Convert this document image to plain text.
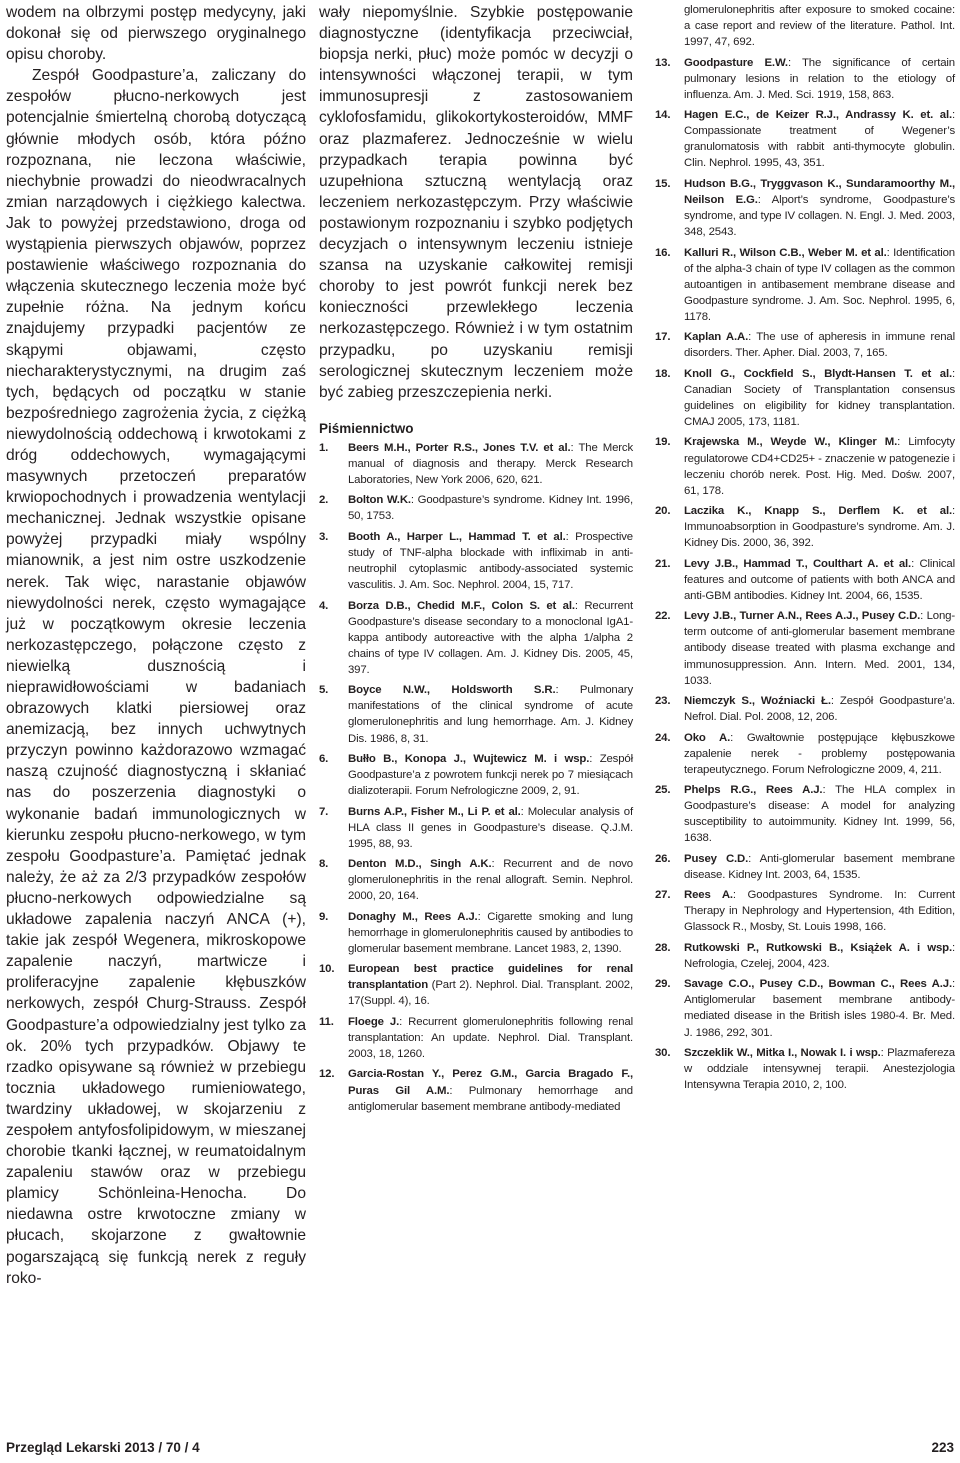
wodem na olbrzymi postęp medycyny, jaki dokonał się od pierwszego oryginalnego opisu choroby.

Zespół Goodpasture’a, zaliczany do zespołów płucno-nerkowych jest potencjalnie śmiertelną chorobą dotyczącą głównie młodych osób, która późno rozpoznana, nie leczona właściwie, niechybnie prowadzi do nieodwracalnych zmian narządowych i ciężkiego kalectwa. Jak to powyżej przedstawiono, droga od wystąpienia pierwszych objawów, poprzez postawienie właściwego rozpoznania do włączenia skutecznego leczenia może być zupełnie różna. Na jednym końcu znajdujemy przypadki pacjentów ze skąpymi objawami, często niecharakterystycznymi, na drugim zaś tych, będących od początku w stanie bezpośredniego zagrożenia życia, z ciężką niewydolnością oddechową i krwotokami z dróg oddechowych, wymagającymi masywnych przetoczeń preparatów krwiopochodnych i prowadzenia wentylacji mechanicznej. Jednak wszystkie opisane powyżej przypadki miały wspólny mianownik, a jest nim ostre uszkodzenie nerek. Tak więc, narastanie objawów niewydolności nerek, często wymagające już w początkowym okresie leczenia nerkozastępczego, połączone często z niewielką dusznością i nieprawidłowościami w badaniach obrazowych klatki piersiowej oraz anemizacją, bez innych uchwytnych przyczyn powinno każdorazowo wzmagać naszą czujność diagnostyczną i skłaniać nas do poszerzenia diagnostyki o wykonanie badań immunologicznych w kierunku zespołu płucno-nerkowego, w tym zespołu Goodpasture’a. Pamiętać jednak należy, że aż za 2/3 przypadków zespołów płucno-nerkowych odpowiedzialne są układowe zapalenia naczyń ANCA (+), takie jak zespół Wegenera, mikroskopowe zapalenie naczyń, martwicze i proliferacyjne zapalenie kłębuszków nerkowych, zespół Churg-Strauss. Zespół Goodpasture’a odpowiedzialny jest tylko za ok. 20% tych przypadków. Objawy te rzadko opisywane są również w przebiegu tocznia układowego rumieniowatego, twardziny układowej, w skojarzeniu z zespołem antyfosfolipidowym, w mieszanej chorobie tkanki łącznej, w reumatoidalnym zapaleniu stawów oraz w przebiegu plamicy Schönleina-Henocha. Do niedawna ostre krwotoczne zmiany w płucach, skojarzone z gwałtownie pogarszającą się funkcją nerek z reguły roko-

wały niepomyślnie. Szybkie postępowanie diagnostyczne (identyfikacja przeciwciał, biopsja nerki, płuc) może pomóc w decyzji o intensywności włączonej terapii, w tym immunosupresji z zastosowaniem cyklofosfamidu, glikokortykosteroidów, MMF oraz plazmaferez. Jednocześnie w wielu przypadkach terapia powinna być uzupełniona sztuczną wentylacją oraz leczeniem nerkozastępczym. Przy właściwie postawionym rozpoznaniu i szybko podjętych decyzjach o intensywnym leczeniu istnieje szansa na uzyskanie całkowitej remisji choroby to jest powrót funkcji nerek bez konieczności przewlekłego leczenia nerkozastępczego. Również i w tym ostatnim przypadku, po uzyskaniu remisji serologicznej skutecznym leczeniem może być zabieg przeszczepienia nerki.

Piśmiennictwo
1.	Beers M.H., Porter R.S., Jones T.V. et al.: The Merck manual of diagnosis and therapy. Merck Research Laboratories, New York 2006, 620, 621.
2.	Bolton W.K.: Goodpasture’s syndrome. Kidney Int. 1996, 50, 1753.
3.	Booth A., Harper L., Hammad T. et al.: Prospective study of TNF-alpha blockade with infliximab in anti-neutrophil cytoplasmic antibody-associated systemic vasculitis. J. Am. Soc. Nephrol. 2004, 15, 717.
4.	Borza D.B., Chedid M.F., Colon S. et al.: Recurrent Goodpasture’s disease secondary to a monoclonal IgA1- kappa antibody autoreactive with the alpha 1/alpha 2 chains of type IV collagen. Am. J. Kidney Dis. 2005, 45, 397.
5.	Boyce N.W., Holdsworth S.R.: Pulmonary manifestations of the clinical syndrome of acute glomerulonephritis and lung hemorrhage. Am. J. Kidney Dis. 1986, 8, 31.
6.	Bułło B., Konopa J., Wujtewicz M. i wsp.: Zespół Goodpasture’a z powrotem funkcji nerek po 7 miesiącach dializoterapii. Forum Nefrologiczne 2009, 2, 91.
7.	Burns A.P., Fisher M., Li P. et al.: Molecular analysis of HLA class II genes in Goodpasture’s disease. Q.J.M. 1995, 88, 93.
8.	Denton M.D., Singh A.K.: Recurrent and de novo glomerulonephritis in the renal allograft. Semin. Nephrol. 2000, 20, 164.
9.	Donaghy M., Rees A.J.: Cigarette smoking and lung hemorrhage in glomerulonephritis caused by antibodies to glomerular basement membrane. Lancet 1983, 2, 1390.
10.	European best practice guidelines for renal transplantation (Part 2). Nephrol. Dial. Transplant. 2002, 17(Suppl. 4), 16.
11.	Floege J.: Recurrent glomerulonephritis following renal transplantation: An update. Nephrol. Dial. Transplant. 2003, 18, 1260.
12.	Garcia-Rostan Y., Perez G.M., Garcia Bragado F., Puras Gil A.M.: Pulmonary hemorrhage and antiglomerular basement membrane antibody-mediated
glomerulonephritis after exposure to smoked cocaine: a case report and review of the literature. Pathol. Int. 1997, 47, 692.
13.	Goodpasture E.W.: The significance of certain pulmonary lesions in relation to the etiology of influenza. Am. J. Med. Sci. 1919, 158, 863.
14.	Hagen E.C., de Keizer R.J., Andrassy K. et. al.: Compassionate treatment of Wegener’s granulomatosis with rabbit anti-thymocyte globulin. Clin. Nephrol. 1995, 43, 351.
15.	Hudson B.G., Tryggvason K., Sundaramoorthy M., Neilson E.G.: Alport’s syndrome, Goodpasture’s syndrome, and type IV collagen. N. Engl. J. Med. 2003, 348, 2543.
16.	Kalluri R., Wilson C.B., Weber M. et al.: Identification of the alpha-3 chain of type IV collagen as the common autoantigen in antibasement membrane disease and Goodpasture syndrome. J. Am. Soc. Nephrol. 1995, 6, 1178.
17.	Kaplan A.A.: The use of apheresis in immune renal disorders. Ther. Apher. Dial. 2003, 7, 165.
18.	Knoll G., Cockfield S., Blydt-Hansen T. et al.: Canadian Society of Transplantation consensus guidelines on eligibility for kidney transplantation. CMAJ 2005, 173, 1181.
19.	Krajewska M., Weyde W., Klinger M.: Limfocyty regulatorowe CD4+CD25+ - znaczenie w patogenezie i leczeniu chorób nerek. Post. Hig. Med. Dośw. 2007, 61, 178.
20.	Laczika K., Knapp S., Derflem K. et al.: Immunoabsorption in Goodpasture’s syndrome. Am. J. Kidney Dis. 2000, 36, 392.
21.	Levy J.B., Hammad T., Coulthart A. et al.: Clinical features and outcome of patients with both ANCA and anti-GBM antibodies. Kidney Int. 2004, 66, 1535.
22.	Levy J.B., Turner A.N., Rees A.J., Pusey C.D.: Long-term outcome of anti-glomerular basement membrane antibody disease treated with plasma exchange and immunosuppression. Ann. Intern. Med. 2001, 134, 1033.
23.	Niemczyk S., Woźniacki Ł.: Zespół Goodpasture’a. Nefrol. Dial. Pol. 2008, 12, 206.
24.	Oko A.: Gwałtownie postępujące kłębuszkowe zapalenie nerek - problemy postępowania terapeutycznego. Forum Nefrologiczne 2009, 4, 211.
25.	Phelps R.G., Rees A.J.: The HLA complex in Goodpasture’s disease: A model for analyzing susceptibility to autoimmunity. Kidney Int. 1999, 56, 1638.
26.	Pusey C.D.: Anti-glomerular basement membrane disease. Kidney Int. 2003, 64, 1535.
27.	Rees A.: Goodpastures Syndrome. In: Current Therapy in Nephrology and Hypertension, 4th Edition, Glassock R., Mosby, St. Louis 1998, 166.
28.	Rutkowski P., Rutkowski B., Książek A. i wsp.: Nefrologia, Czelej, 2004, 423.
29.	Savage C.O., Pusey C.D., Bowman C., Rees A.J.: Antiglomerular basement membrane antibody-mediated disease in the British isles 1980-4. Br. Med. J. 1986, 292, 301.
30.	Szczeklik W., Mitka I., Nowak I. i wsp.: Plazmafereza w oddziale intensywnej terapii. Anestezjologia Intensywna Terapia 2010, 2, 100.
Przegląd Lekarski 2013 / 70 / 4	223
